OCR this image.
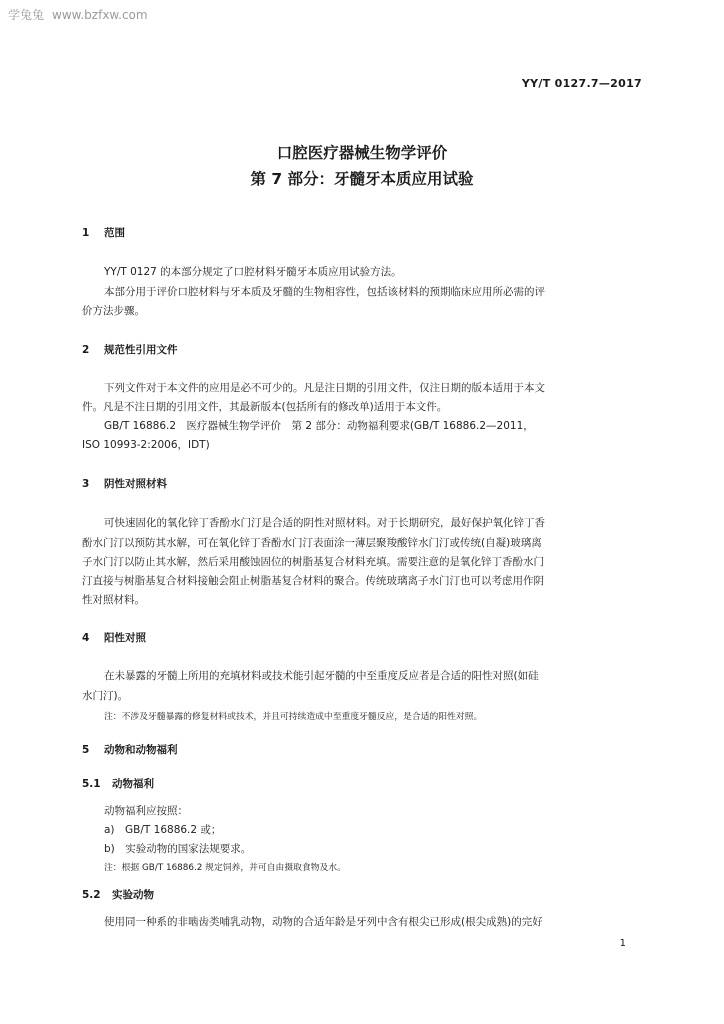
学兔兔 www.bzfxw.com
YY/T 0127.7—2017
口腔医疗器械生物学评价
第 7 部分：牙髓牙本质应用试验
1 范围
YY/T 0127 的本部分规定了口腔材料牙髓牙本质应用试验方法。
本部分用于评价口腔材料与牙本质及牙髓的生物相容性，包括该材料的预期临床应用所必需的评
价方法步骤。
2 规范性引用文件
下列文件对于本文件的应用是必不可少的。凡是注日期的引用文件，仅注日期的版本适用于本文
件。凡是不注日期的引用文件，其最新版本(包括所有的修改单)适用于本文件。
GB/T 16886.2　医疗器械生物学评价　第 2 部分：动物福利要求(GB/T 16886.2—2011，
ISO 10993-2:2006，IDT)
3 阴性对照材料
可快速固化的氧化锌丁香酚水门汀是合适的阴性对照材料。对于长期研究，最好保护氧化锌丁香
酚水门汀以预防其水解，可在氧化锌丁香酚水门汀表面涂一薄层聚羧酸锌水门汀或传统(自凝)玻璃离
子水门汀以防止其水解，然后采用酸蚀固位的树脂基复合材料充填。需要注意的是氧化锌丁香酚水门
汀直接与树脂基复合材料接触会阻止树脂基复合材料的聚合。传统玻璃离子水门汀也可以考虑用作阴
性对照材料。
4 阳性对照
在未暴露的牙髓上所用的充填材料或技术能引起牙髓的中至重度反应者是合适的阳性对照(如硅
水门汀)。
注：不涉及牙髓暴露的修复材料或技术，并且可持续造成中至重度牙髓反应，是合适的阳性对照。
5 动物和动物福利
5.1 动物福利
动物福利应按照：
a)　GB/T 16886.2 或；
b)　实验动物的国家法规要求。
注：根据 GB/T 16886.2 规定饲养，并可自由摄取食物及水。
5.2 实验动物
使用同一种系的非啮齿类哺乳动物，动物的合适年龄是牙列中含有根尖已形成(根尖成熟)的完好
1
